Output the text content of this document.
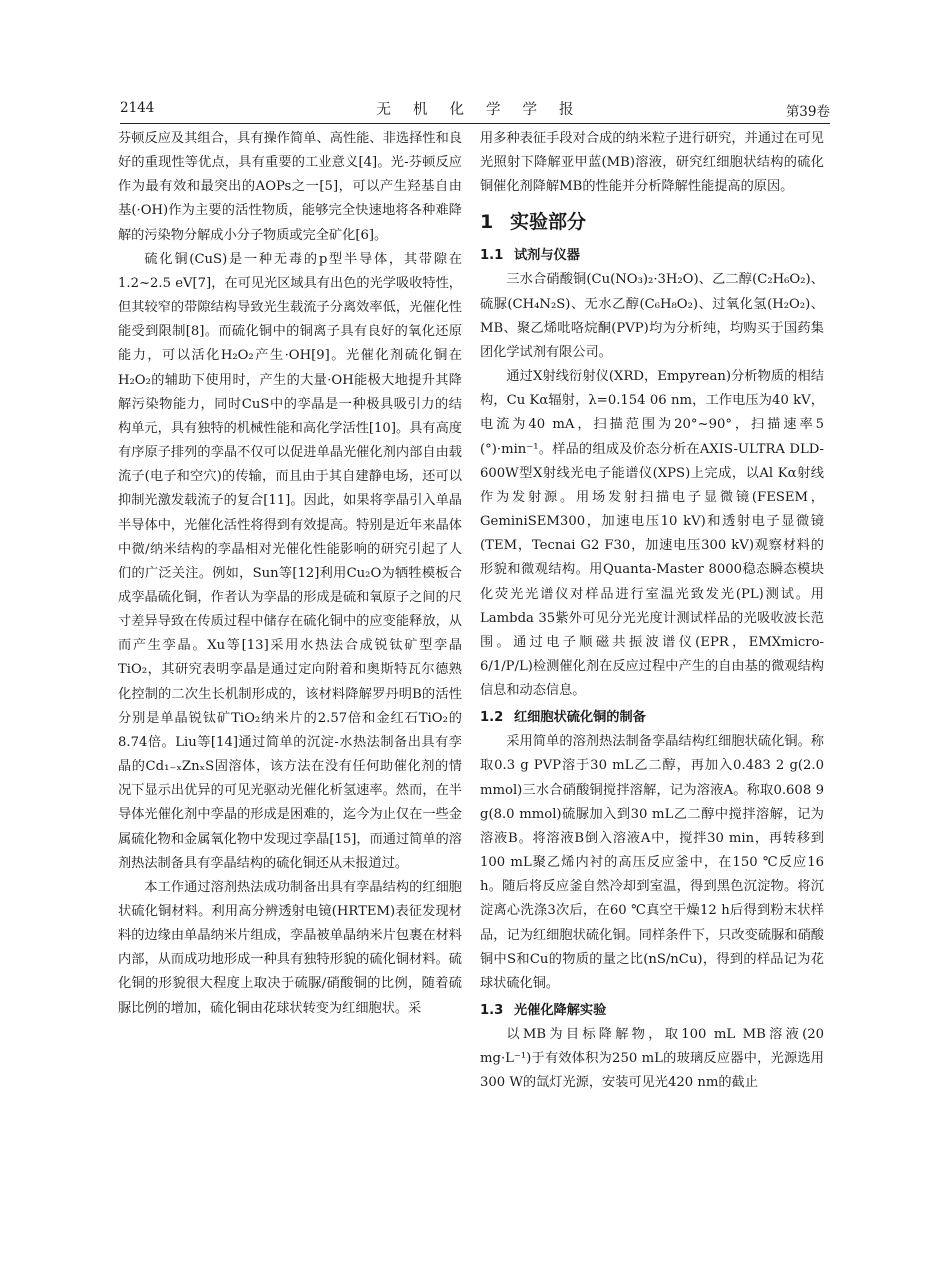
2144	无机化学学报	第39卷

芬顿反应及其组合，具有操作简单、高性能、非选择性和良好的重现性等优点，具有重要的工业意义[4]。光-芬顿反应作为最有效和最突出的AOPs之一[5]，可以产生羟基自由基(·OH)作为主要的活性物质，能够完全快速地将各种难降解的污染物分解成小分子物质或完全矿化[6]。

硫化铜(CuS)是一种无毒的p型半导体，其带隙在1.2~2.5 eV[7]，在可见光区域具有出色的光学吸收特性，但其较窄的带隙结构导致光生载流子分离效率低，光催化性能受到限制[8]。而硫化铜中的铜离子具有良好的氧化还原能力，可以活化H₂O₂产生·OH[9]。光催化剂硫化铜在H₂O₂的辅助下使用时，产生的大量·OH能极大地提升其降解污染物能力，同时CuS中的孪晶是一种极具吸引力的结构单元，具有独特的机械性能和高化学活性[10]。具有高度有序原子排列的孪晶不仅可以促进单晶光催化剂内部自由载流子(电子和空穴)的传输，而且由于其自建静电场，还可以抑制光激发载流子的复合[11]。因此，如果将孪晶引入单晶半导体中，光催化活性将得到有效提高。特别是近年来晶体中微/纳米结构的孪晶相对光催化性能影响的研究引起了人们的广泛关注。例如，Sun等[12]利用Cu₂O为牺牲模板合成孪晶硫化铜，作者认为孪晶的形成是硫和氧原子之间的尺寸差异导致在传质过程中储存在硫化铜中的应变能释放，从而产生孪晶。Xu等[13]采用水热法合成锐钛矿型孪晶TiO₂，其研究表明孪晶是通过定向附着和奥斯特瓦尔德熟化控制的二次生长机制形成的，该材料降解罗丹明B的活性分别是单晶锐钛矿TiO₂纳米片的2.57倍和金红石TiO₂的8.74倍。Liu等[14]通过简单的沉淀-水热法制备出具有孪晶的Cd₁₋ₓZnₓS固溶体，该方法在没有任何助催化剂的情况下显示出优异的可见光驱动光催化析氢速率。然而，在半导体光催化剂中孪晶的形成是困难的，迄今为止仅在一些金属硫化物和金属氧化物中发现过孪晶[15]，而通过简单的溶剂热法制备具有孪晶结构的硫化铜还从未报道过。

本工作通过溶剂热法成功制备出具有孪晶结构的红细胞状硫化铜材料。利用高分辨透射电镜(HRTEM)表征发现材料的边缘由单晶纳米片组成，孪晶被单晶纳米片包裹在材料内部，从而成功地形成一种具有独特形貌的硫化铜材料。硫化铜的形貌很大程度上取决于硫脲/硝酸铜的比例，随着硫脲比例的增加，硫化铜由花球状转变为红细胞状。采

用多种表征手段对合成的纳米粒子进行研究，并通过在可见光照射下降解亚甲蓝(MB)溶液，研究红细胞状结构的硫化铜催化剂降解MB的性能并分析降解性能提高的原因。

1 实验部分
1.1 试剂与仪器

三水合硝酸铜(Cu(NO₃)₂·3H₂O)、乙二醇(C₂H₆O₂)、硫脲(CH₄N₂S)、无水乙醇(C₆H₈O₂)、过氧化氢(H₂O₂)、MB、聚乙烯吡咯烷酮(PVP)均为分析纯，均购买于国药集团化学试剂有限公司。

通过X射线衍射仪(XRD，Empyrean)分析物质的相结构，Cu Kα辐射，λ=0.154 06 nm，工作电压为40 kV，电流为40 mA，扫描范围为20°~90°，扫描速率5 (°)·min⁻¹。样品的组成及价态分析在AXIS-ULTRA DLD-600W型X射线光电子能谱仪(XPS)上完成，以Al Kα射线作为发射源。用场发射扫描电子显微镜(FESEM，GeminiSEM300，加速电压10 kV)和透射电子显微镜(TEM，Tecnai G2 F30，加速电压300 kV)观察材料的形貌和微观结构。用Quanta-Master 8000稳态瞬态模块化荧光光谱仪对样品进行室温光致发光(PL)测试。用Lambda 35紫外可见分光光度计测试样品的光吸收波长范围。通过电子顺磁共振波谱仪(EPR，EMXmicro-6/1/P/L)检测催化剂在反应过程中产生的自由基的微观结构信息和动态信息。

1.2 红细胞状硫化铜的制备

采用简单的溶剂热法制备孪晶结构红细胞状硫化铜。称取0.3 g PVP溶于30 mL乙二醇，再加入0.483 2 g(2.0 mmol)三水合硝酸铜搅拌溶解，记为溶液A。称取0.608 9 g(8.0 mmol)硫脲加入到30 mL乙二醇中搅拌溶解，记为溶液B。将溶液B倒入溶液A中，搅拌30 min，再转移到100 mL聚乙烯内衬的高压反应釜中，在150 ℃反应16 h。随后将反应釜自然冷却到室温，得到黑色沉淀物。将沉淀离心洗涤3次后，在60 ℃真空干燥12 h后得到粉末状样品，记为红细胞状硫化铜。同样条件下，只改变硫脲和硝酸铜中S和Cu的物质的量之比(nS/nCu)，得到的样品记为花球状硫化铜。

1.3 光催化降解实验

以MB为目标降解物，取100 mL MB溶液(20 mg·L⁻¹)于有效体积为250 mL的玻璃反应器中，光源选用300 W的氙灯光源，安装可见光420 nm的截止
